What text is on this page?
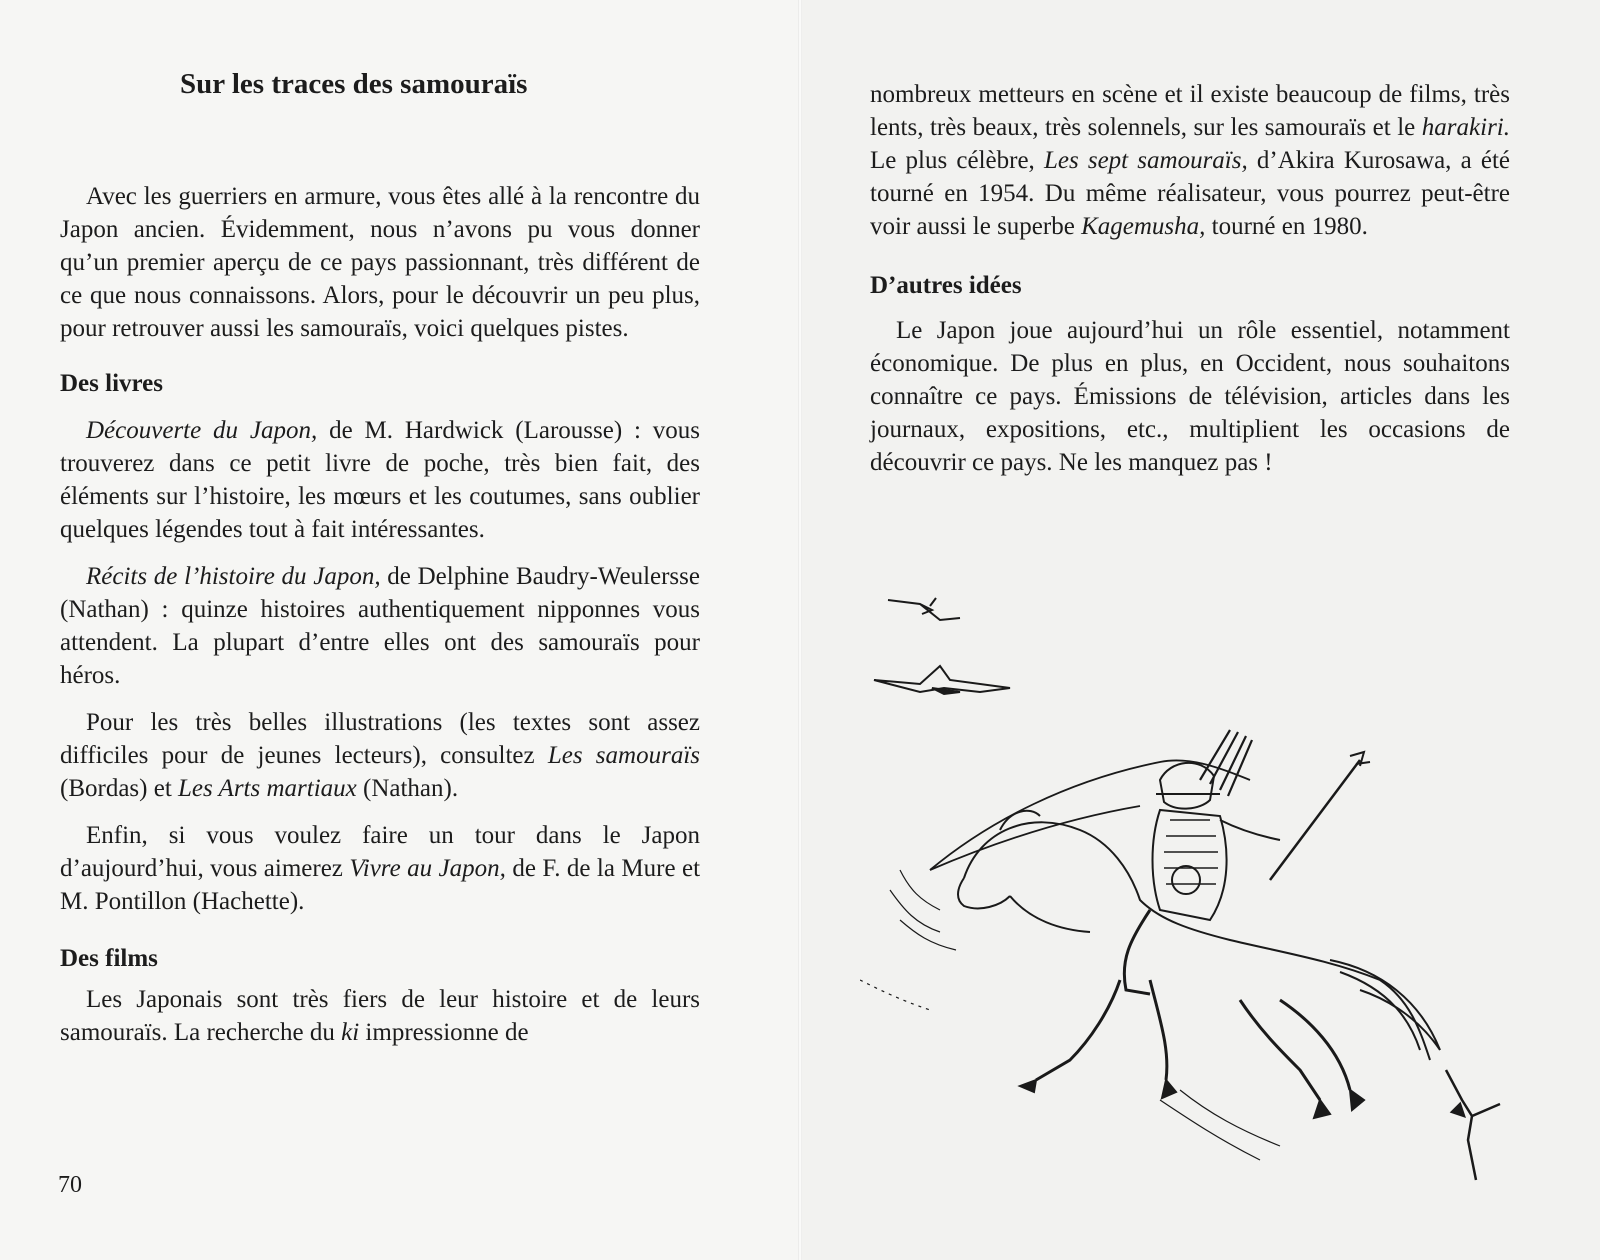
Sur les traces des samouraïs

Avec les guerriers en armure, vous êtes allé à la rencontre du Japon ancien. Évidemment, nous n’avons pu vous donner qu’un premier aperçu de ce pays passionnant, très différent de ce que nous connaissons. Alors, pour le découvrir un peu plus, pour retrouver aussi les samouraïs, voici quelques pistes.

Des livres

Découverte du Japon, de M. Hardwick (Larousse) : vous trouverez dans ce petit livre de poche, très bien fait, des éléments sur l’histoire, les mœurs et les coutumes, sans oublier quelques légendes tout à fait intéressantes.

Récits de l’histoire du Japon, de Delphine Baudry-Weulersse (Nathan) : quinze histoires authentiquement nipponnes vous attendent. La plupart d’entre elles ont des samouraïs pour héros.

Pour les très belles illustrations (les textes sont assez difficiles pour de jeunes lecteurs), consultez Les samouraïs (Bordas) et Les Arts martiaux (Nathan).

Enfin, si vous voulez faire un tour dans le Japon d’aujourd’hui, vous aimerez Vivre au Japon, de F. de la Mure et M. Pontillon (Hachette).

Des films

Les Japonais sont très fiers de leur histoire et de leurs samouraïs. La recherche du ki impressionne de

70

nombreux metteurs en scène et il existe beaucoup de films, très lents, très beaux, très solennels, sur les samouraïs et le harakiri. Le plus célèbre, Les sept samouraïs, d’Akira Kurosawa, a été tourné en 1954. Du même réalisateur, vous pourrez peut-être voir aussi le superbe Kagemusha, tourné en 1980.

D’autres idées

Le Japon joue aujourd’hui un rôle essentiel, notamment économique. De plus en plus, en Occident, nous souhaitons connaître ce pays. Émissions de télévision, articles dans les journaux, expositions, etc., multiplient les occasions de découvrir ce pays. Ne les manquez pas !
